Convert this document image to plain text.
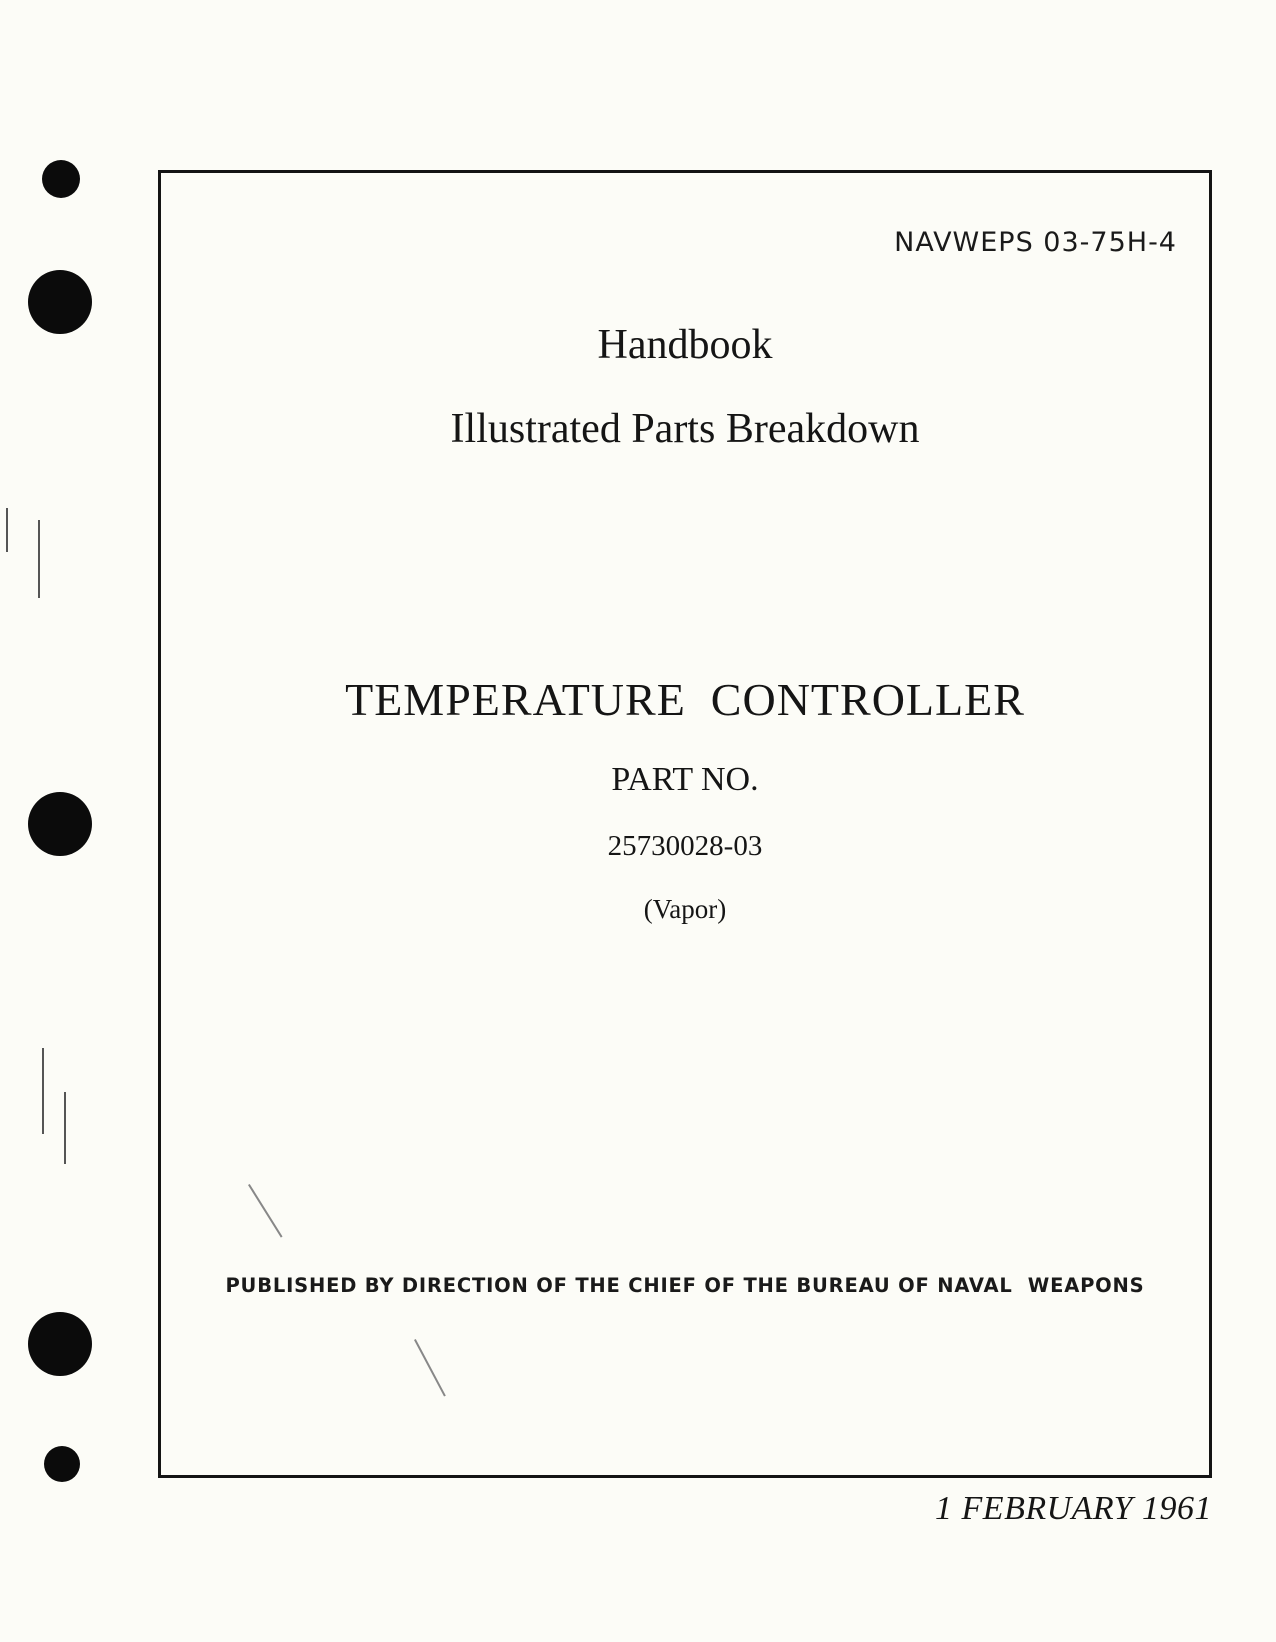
NAVWEPS 03-75H-4
Handbook
Illustrated Parts Breakdown
TEMPERATURE  CONTROLLER
PART NO.
25730028-03
(Vapor)
PUBLISHED BY DIRECTION OF THE CHIEF OF THE BUREAU OF NAVAL  WEAPONS
1 FEBRUARY 1961
